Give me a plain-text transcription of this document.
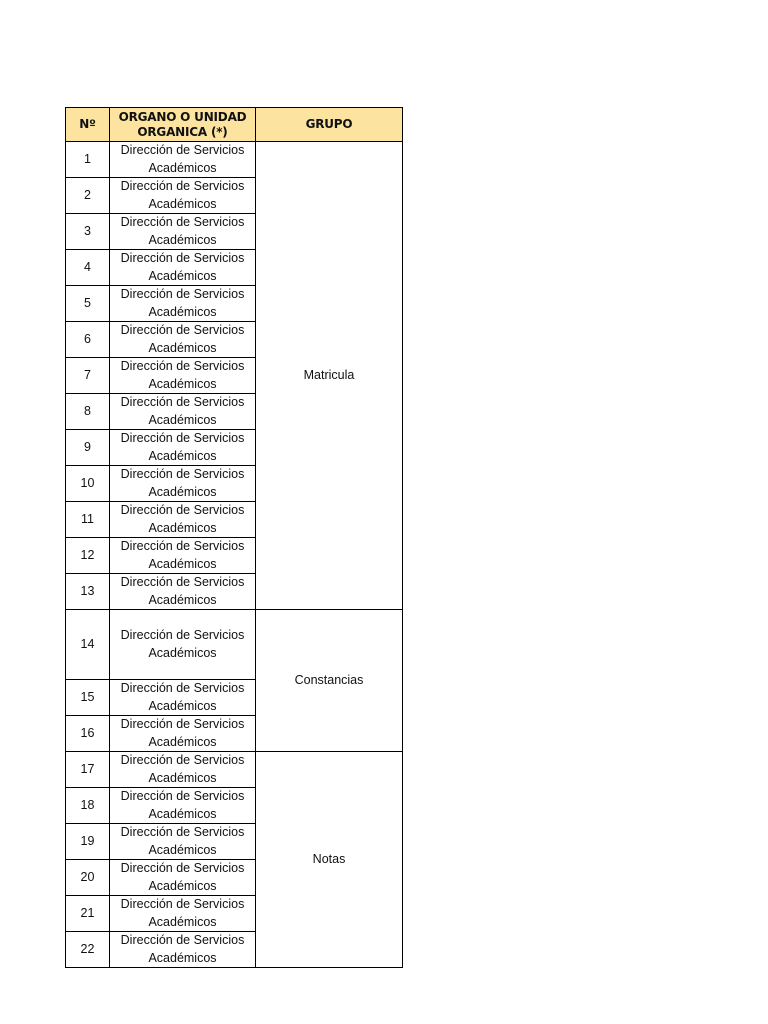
Nº	ORGANO O UNIDAD ORGANICA (*)	GRUPO
1	Dirección de Servicios Académicos	Matricula
2	Dirección de Servicios Académicos	

3	Dirección de Servicios Académicos	

4	Dirección de Servicios Académicos	

5	Dirección de Servicios Académicos	

6	Dirección de Servicios Académicos	

7	Dirección de Servicios Académicos	

8	Dirección de Servicios Académicos	

9	Dirección de Servicios Académicos	

10	Dirección de Servicios Académicos	

11	Dirección de Servicios Académicos	

12	Dirección de Servicios Académicos	

13	Dirección de Servicios Académicos	

14	Dirección de Servicios Académicos	Constancias
15	Dirección de Servicios Académicos	

16	Dirección de Servicios Académicos	

17	Dirección de Servicios Académicos	Notas
18	Dirección de Servicios Académicos	

19	Dirección de Servicios Académicos	

20	Dirección de Servicios Académicos	

21	Dirección de Servicios Académicos	

22	Dirección de Servicios Académicos	
